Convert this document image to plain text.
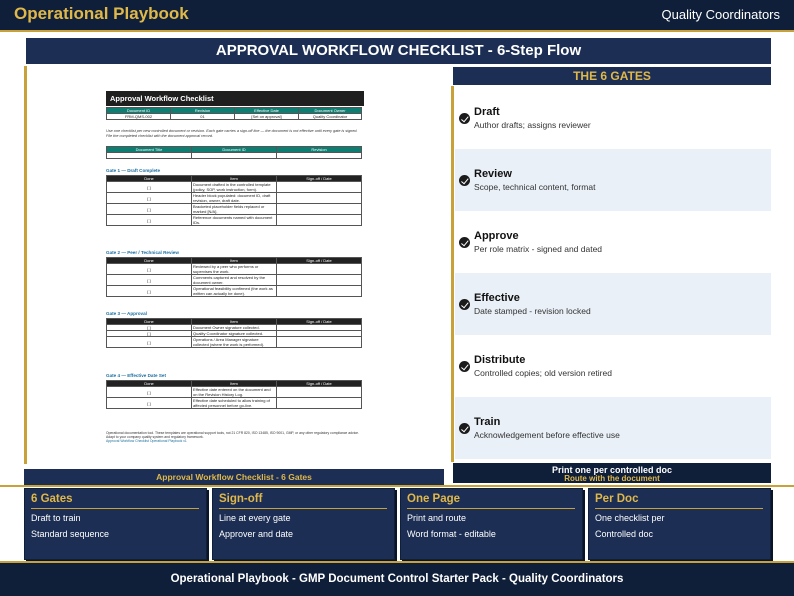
Operational Playbook	Quality Coordinators
APPROVAL WORKFLOW CHECKLIST - 6-Step Flow
Approval Workflow Checklist
Document ID	Revision	Effective Date	Document Owner
FRM-QMS-002	01	[Set on approval]	Quality Coordinator
Use one checklist per new controlled document or revision. Each gate carries a sign-off line — the document is not effective until every gate is signed. File the completed checklist with the document approval record.
Document Title	Document ID	Revision

Operational documentation tool. These templates are operational support tools, not 21 CFR 820, ISO 13485, ISO 9001, GMP, or any other regulatory compliance advice. Adapt to your company quality system and regulatory framework.
Approval Workflow Checklist Operational Playbook v1
Gate 1 — Draft Complete
Done	Item	Sign-off / Date
[ ]	Document drafted in the controlled template (policy, SOP, work instruction, form).	
[ ]	Header block populated: document ID, draft revision, owner, draft date.	
[ ]	Bracketed placeholder fields replaced or marked [N/A].	
[ ]	Reference documents named with document IDs.	
Gate 2 — Peer / Technical Review
Done	Item	Sign-off / Date
[ ]	Reviewed by a peer who performs or supervises the work.	
[ ]	Comments captured and resolved by the document owner.	
[ ]	Operational feasibility confirmed (the work as written can actually be done).	
Gate 3 — Approval
Done	Item	Sign-off / Date
[ ]	Document Owner signature collected.	
[ ]	Quality Coordinator signature collected.	
[ ]	Operations / Area Manager signature collected (where the work is performed).	
Gate 4 — Effective Date Set
Done	Item	Sign-off / Date
[ ]	Effective date entered on the document and on the Revision History Log.	
[ ]	Effective date scheduled to allow training of affected personnel before go-live.	
Approval Workflow Checklist - 6 Gates
THE 6 GATES
Draft
Author drafts; assigns reviewer
Review
Scope, technical content, format
Approve
Per role matrix - signed and dated
Effective
Date stamped - revision locked
Distribute
Controlled copies; old version retired
Train
Acknowledgement before effective use
Print one per controlled doc
Route with the document
6 Gates
Draft to train
Standard sequence
Sign-off
Line at every gate
Approver and date
One Page
Print and route
Word format - editable
Per Doc
One checklist per
Controlled doc
Operational Playbook - GMP Document Control Starter Pack - Quality Coordinators
